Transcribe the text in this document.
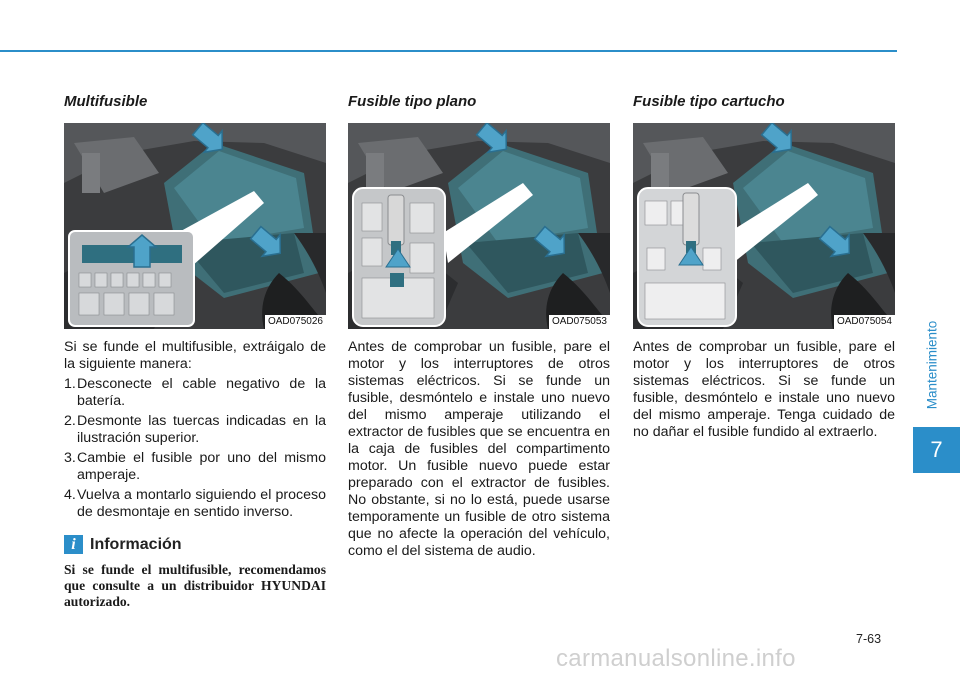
Multifusible
OAD075026

Si se funde el multifusible, extráigalo de la siguiente manera:

1. Desconecte el cable negativo de la batería.
2. Desmonte las tuercas indicadas en la ilustración superior.
3. Cambie el fusible por uno del mismo amperaje.
4. Vuelva a montarlo siguiendo el proceso de desmontaje en sentido inverso.
i Información
Si se funde el multifusible, recomendamos que consulte a un distribuidor HYUNDAI autorizado.
Fusible tipo plano
OAD075053
Antes de comprobar un fusible, pare el motor y los interruptores de otros sistemas eléctricos. Si se funde un fusible, desmóntelo e instale uno nuevo del mismo amperaje utilizando el extractor de fusibles que se encuentra en la caja de fusibles del compartimento motor. Un fusible nuevo puede estar preparado con el extractor de fusibles. No obstante, si no lo está, puede usarse temporamente un fusible de otro sistema que no afecte la operación del vehículo, como el del sistema de audio.
Fusible tipo cartucho
OAD075054
Antes de comprobar un fusible, pare el motor y los interruptores de otros sistemas eléctricos. Si se funde un fusible, desmóntelo e instale uno nuevo del mismo amperaje. Tenga cuidado de no dañar el fusible fundido al extraerlo.
Mantenimiento
7
7-63
carmanualsonline.info
